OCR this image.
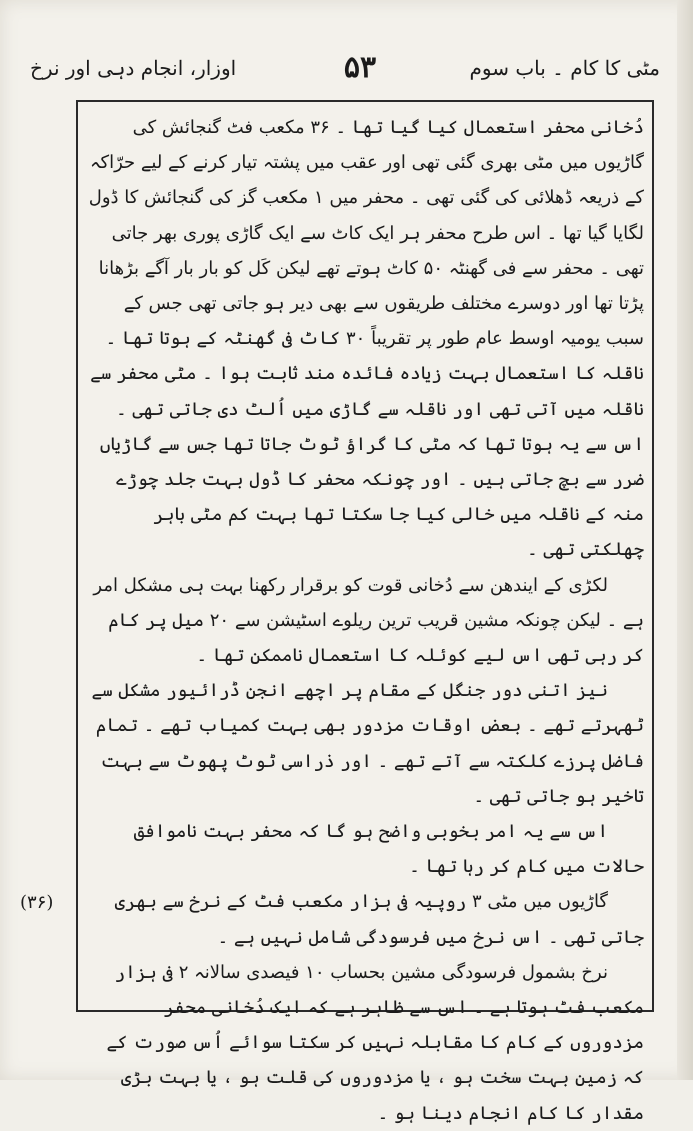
مٹی کا کام ۔ باب سوم
۵۳
اوزار، انجام دہی اور نرخ

دُخانی محفر استعمال کیا گیا تھا ۔ ۳۶ مکعب فٹ گنجائش کی گاڑیوں میں مٹی بھری گئی تھی اور عقب میں پشتہ تیار کرنے کے لیے حرّاکہ کے ذریعہ ڈھلائی کی گئی تھی ۔ محفر میں ۱ مکعب گز کی گنجائش کا ڈول لگایا گیا تھا ۔ اس طرح محفر ہر ایک کاٹ سے ایک گاڑی پوری بھر جاتی تھی ۔ محفر سے فی گھنٹہ ۵۰ کاٹ ہوتے تھے لیکن کَل کو بار بار آگے بڑھانا پڑتا تھا اور دوسرے مختلف طریقوں سے بھی دیر ہو جاتی تھی جس کے سبب یومیہ اوسط عام طور پر تقریباً ۳۰ کاٹ فی گھنٹہ کے ہوتا تھا ۔ ناقلہ کا استعمال بہت زیادہ فائدہ مند ثابت ہوا ۔ مٹی محفر سے ناقلہ میں آتی تھی اور ناقلہ سے گاڑی میں اُلٹ دی جاتی تھی ۔ اس سے یہ ہوتا تھا کہ مٹی کا گراؤ ٹوٹ جاتا تھا جس سے گاڑیاں ضرر سے بچ جاتی ہیں ۔ اور چونکہ محفر کا ڈول بہت جلد چوڑے منہ کے ناقلہ میں خالی کیا جا سکتا تھا بہت کم مٹی باہر چھلکتی تھی ۔

لکڑی کے ایندھن سے دُخانی قوت کو برقرار رکھنا بہت ہی مشکل امر ہے ۔ لیکن چونکہ مشین قریب ترین ریلوے اسٹیشن سے ۲۰ میل پر کام کر رہی تھی اس لیے کوئلہ کا استعمال ناممکن تھا ۔

نیز اتنی دور جنگل کے مقام پر اچھے انجن ڈرائیور مشکل سے ٹھہرتے تھے ۔ بعض اوقات مزدور بھی بہت کمیاب تھے ۔ تمام فاضل پرزے کلکتہ سے آتے تھے ۔ اور ذراسی ٹوٹ پھوٹ سے بہت تاخیر ہو جاتی تھی ۔

اس سے یہ امر بخوبی واضح ہو گا کہ محفر بہت ناموافق حالات میں کام کر رہا تھا ۔

گاڑیوں میں مٹی ۳ روپیہ فی ہزار مکعب فٹ کے نرخ سے بھری جاتی تھی ۔ اس نرخ میں فرسودگی شامل نہیں ہے ۔

نرخ بشمول فرسودگی مشین بحساب ۱۰ فیصدی سالانہ ۲ فی ہزار مکعب فٹ ہوتا ہے ۔ اس سے ظاہر ہے کہ ایک دُخانی محفر مزدوروں کے کام کا مقابلہ نہیں کر سکتا سوائے اُس صورت کے کہ زمین بہت سخت ہو ، یا مزدوروں کی قلت ہو ، یا بہت بڑی مقدار کا کام انجام دینا ہو ۔

(۳۶)
